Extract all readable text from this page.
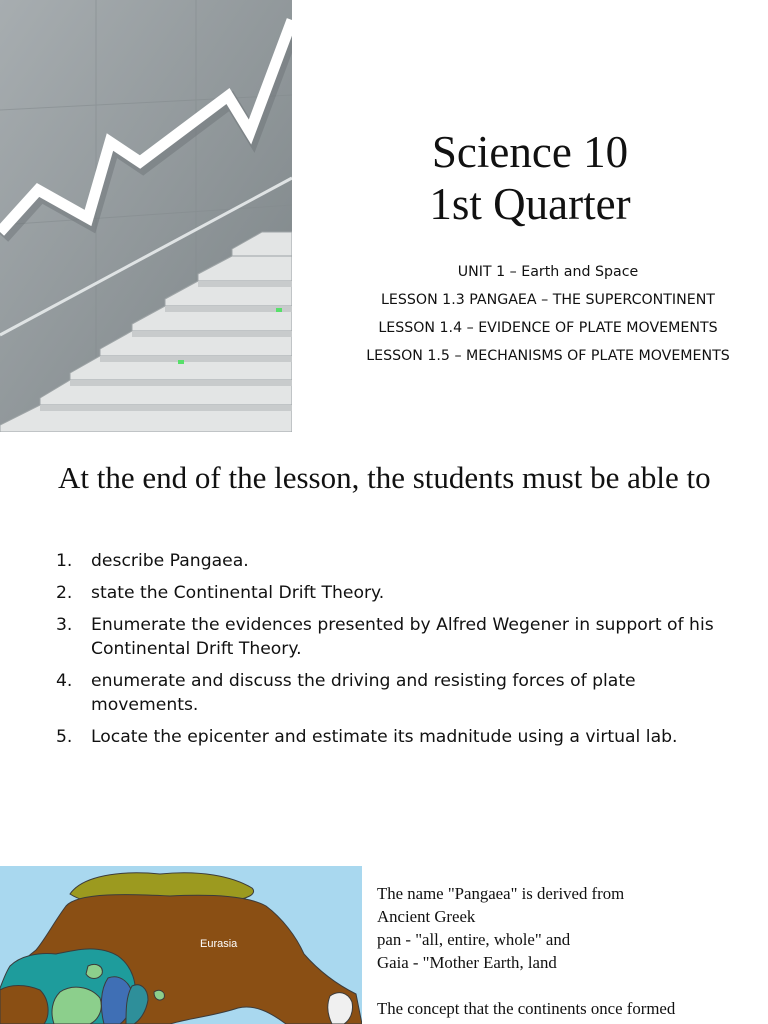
Science 10
1st Quarter
UNIT 1 – Earth and Space
LESSON 1.3 PANGAEA – THE SUPERCONTINENT
LESSON 1.4 – EVIDENCE OF PLATE MOVEMENTS
LESSON 1.5 – MECHANISMS OF PLATE MOVEMENTS
At the end of the lesson, the students must be able to
1. describe Pangaea.
2. state the Continental Drift Theory.
3. Enumerate the evidences presented by Alfred Wegener in support of his Continental Drift Theory.
4. enumerate and discuss the driving and resisting forces of plate movements.
5. Locate the epicenter and estimate its madnitude using a virtual lab.
Eurasia
The name "Pangaea" is derived from
Ancient Greek
pan - "all, entire, whole" and
Gaia - "Mother Earth, land
The concept that the continents once formed
